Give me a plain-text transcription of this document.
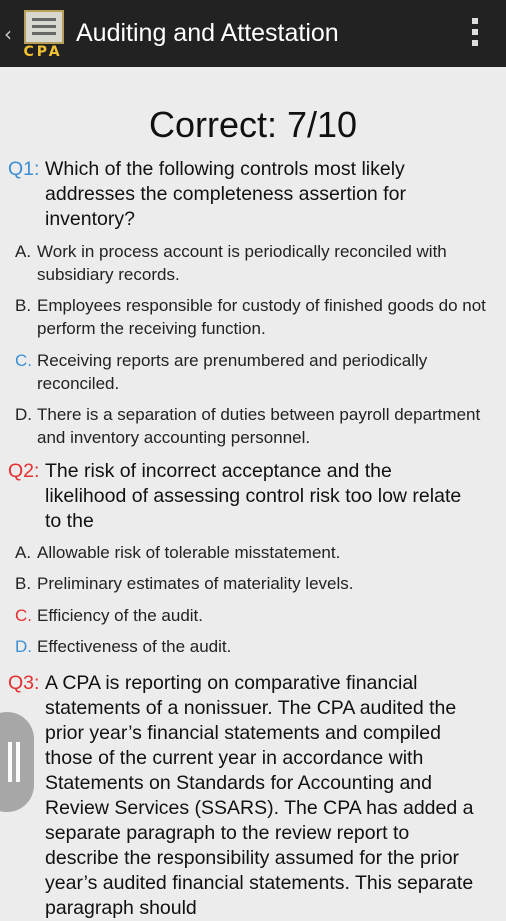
‹
CPA
Auditing and Attestation
Correct: 7/10
Q1: Which of the following controls most likely addresses the completeness assertion for inventory?
A. Work in process account is periodically reconciled with subsidiary records.
B. Employees responsible for custody of finished goods do not perform the receiving function.
C. Receiving reports are prenumbered and periodically reconciled.
D. There is a separation of duties between payroll department and inventory accounting personnel.
Q2: The risk of incorrect acceptance and the likelihood of assessing control risk too low relate to the
A. Allowable risk of tolerable misstatement.
B. Preliminary estimates of materiality levels.
C. Efficiency of the audit.
D. Effectiveness of the audit.
Q3: A CPA is reporting on comparative financial statements of a nonissuer. The CPA audited the prior year’s financial statements and compiled those of the current year in accordance with Statements on Standards for Accounting and Review Services (SSARS). The CPA has added a separate paragraph to the review report to describe the responsibility assumed for the prior year’s audited financial statements. This separate paragraph should
